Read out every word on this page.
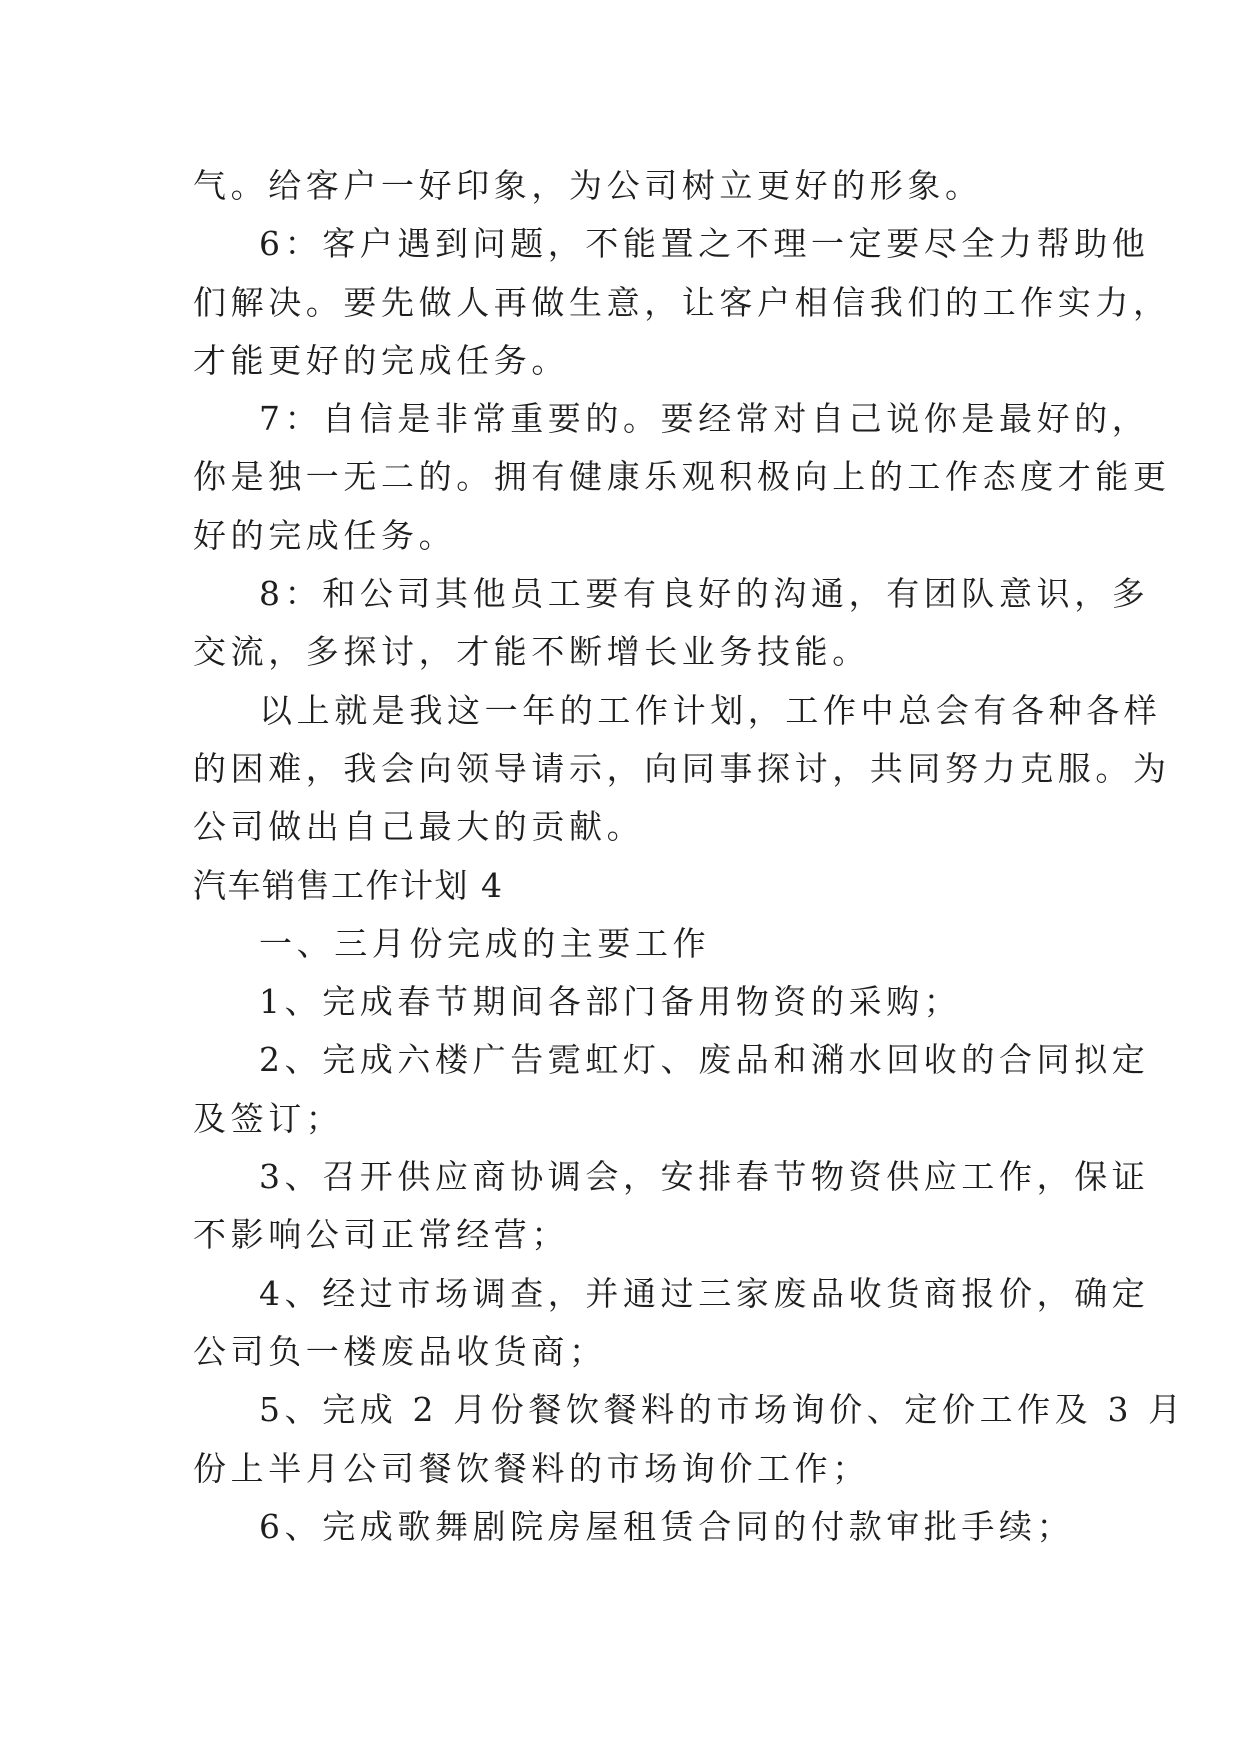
气。给客户一好印象，为公司树立更好的形象。
6：客户遇到问题，不能置之不理一定要尽全力帮助他
们解决。要先做人再做生意，让客户相信我们的工作实力，
才能更好的完成任务。
7：自信是非常重要的。要经常对自己说你是最好的，
你是独一无二的。拥有健康乐观积极向上的工作态度才能更
好的完成任务。
8：和公司其他员工要有良好的沟通，有团队意识，多
交流，多探讨，才能不断增长业务技能。
以上就是我这一年的工作计划，工作中总会有各种各样
的困难，我会向领导请示，向同事探讨，共同努力克服。为
公司做出自己最大的贡献。
汽车销售工作计划 4
一、三月份完成的主要工作
1、完成春节期间各部门备用物资的采购；
2、完成六楼广告霓虹灯、废品和潲水回收的合同拟定
及签订；
3、召开供应商协调会，安排春节物资供应工作，保证
不影响公司正常经营；
4、经过市场调查，并通过三家废品收货商报价，确定
公司负一楼废品收货商；
5、完成 2 月份餐饮餐料的市场询价、定价工作及 3 月
份上半月公司餐饮餐料的市场询价工作；
6、完成歌舞剧院房屋租赁合同的付款审批手续；
